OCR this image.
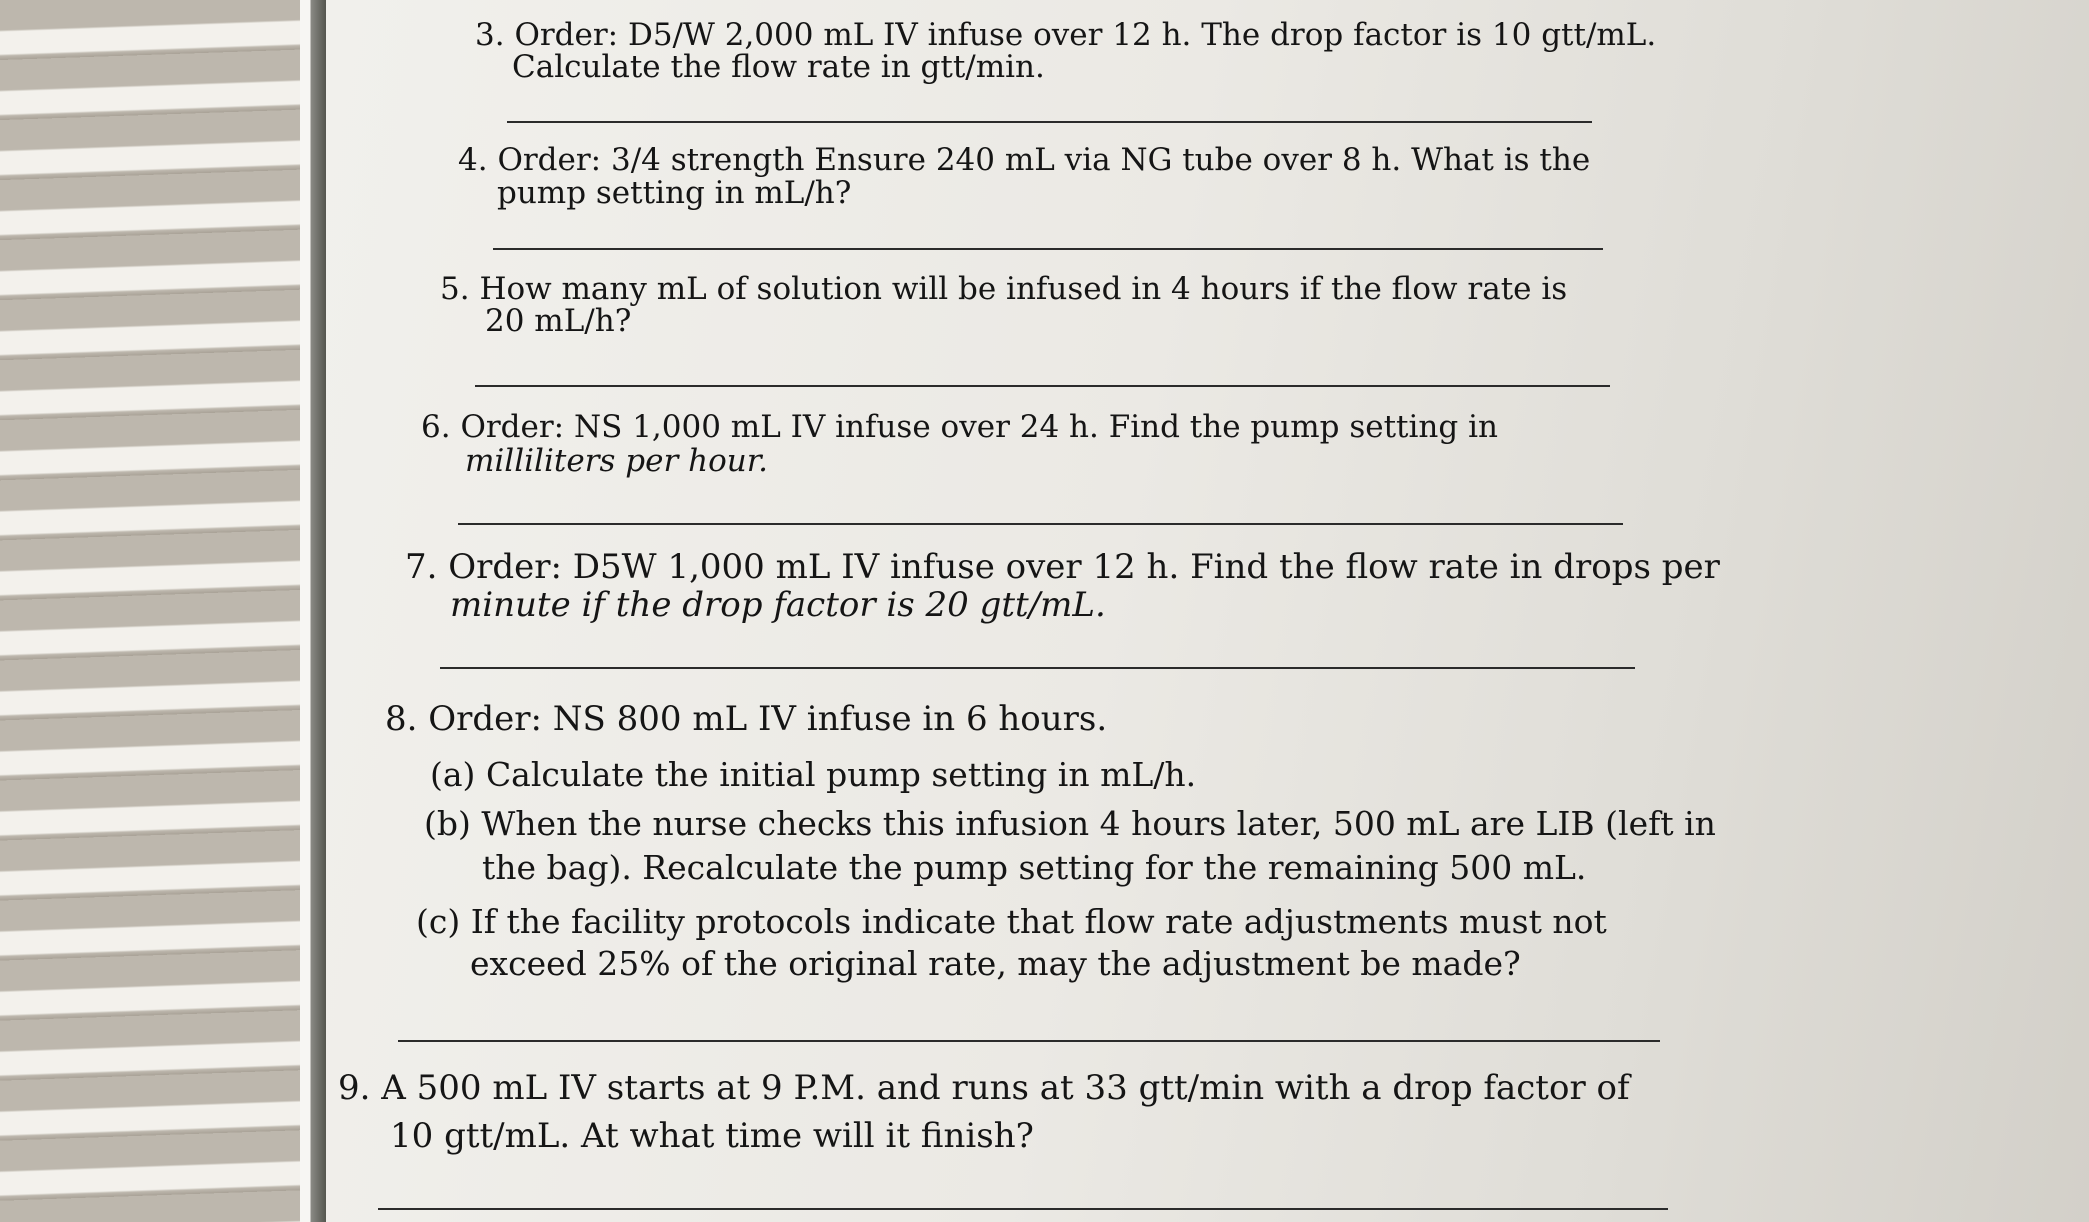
3. Order: D5/W 2,000 mL IV infuse over 12 h. The drop factor is 10 gtt/mL.
Calculate the flow rate in gtt/min.
4. Order: 3/4 strength Ensure 240 mL via NG tube over 8 h. What is the
pump setting in mL/h?
5. How many mL of solution will be infused in 4 hours if the flow rate is
20 mL/h?
6. Order: NS 1,000 mL IV infuse over 24 h. Find the pump setting in
milliliters per hour.
7. Order: D5W 1,000 mL IV infuse over 12 h. Find the flow rate in drops per
minute if the drop factor is 20 gtt/mL.
8. Order: NS 800 mL IV infuse in 6 hours.
(a) Calculate the initial pump setting in mL/h.
(b) When the nurse checks this infusion 4 hours later, 500 mL are LIB (left in
the bag). Recalculate the pump setting for the remaining 500 mL.
(c) If the facility protocols indicate that flow rate adjustments must not
exceed 25% of the original rate, may the adjustment be made?
9. A 500 mL IV starts at 9 P.M. and runs at 33 gtt/min with a drop factor of
10 gtt/mL. At what time will it finish?
